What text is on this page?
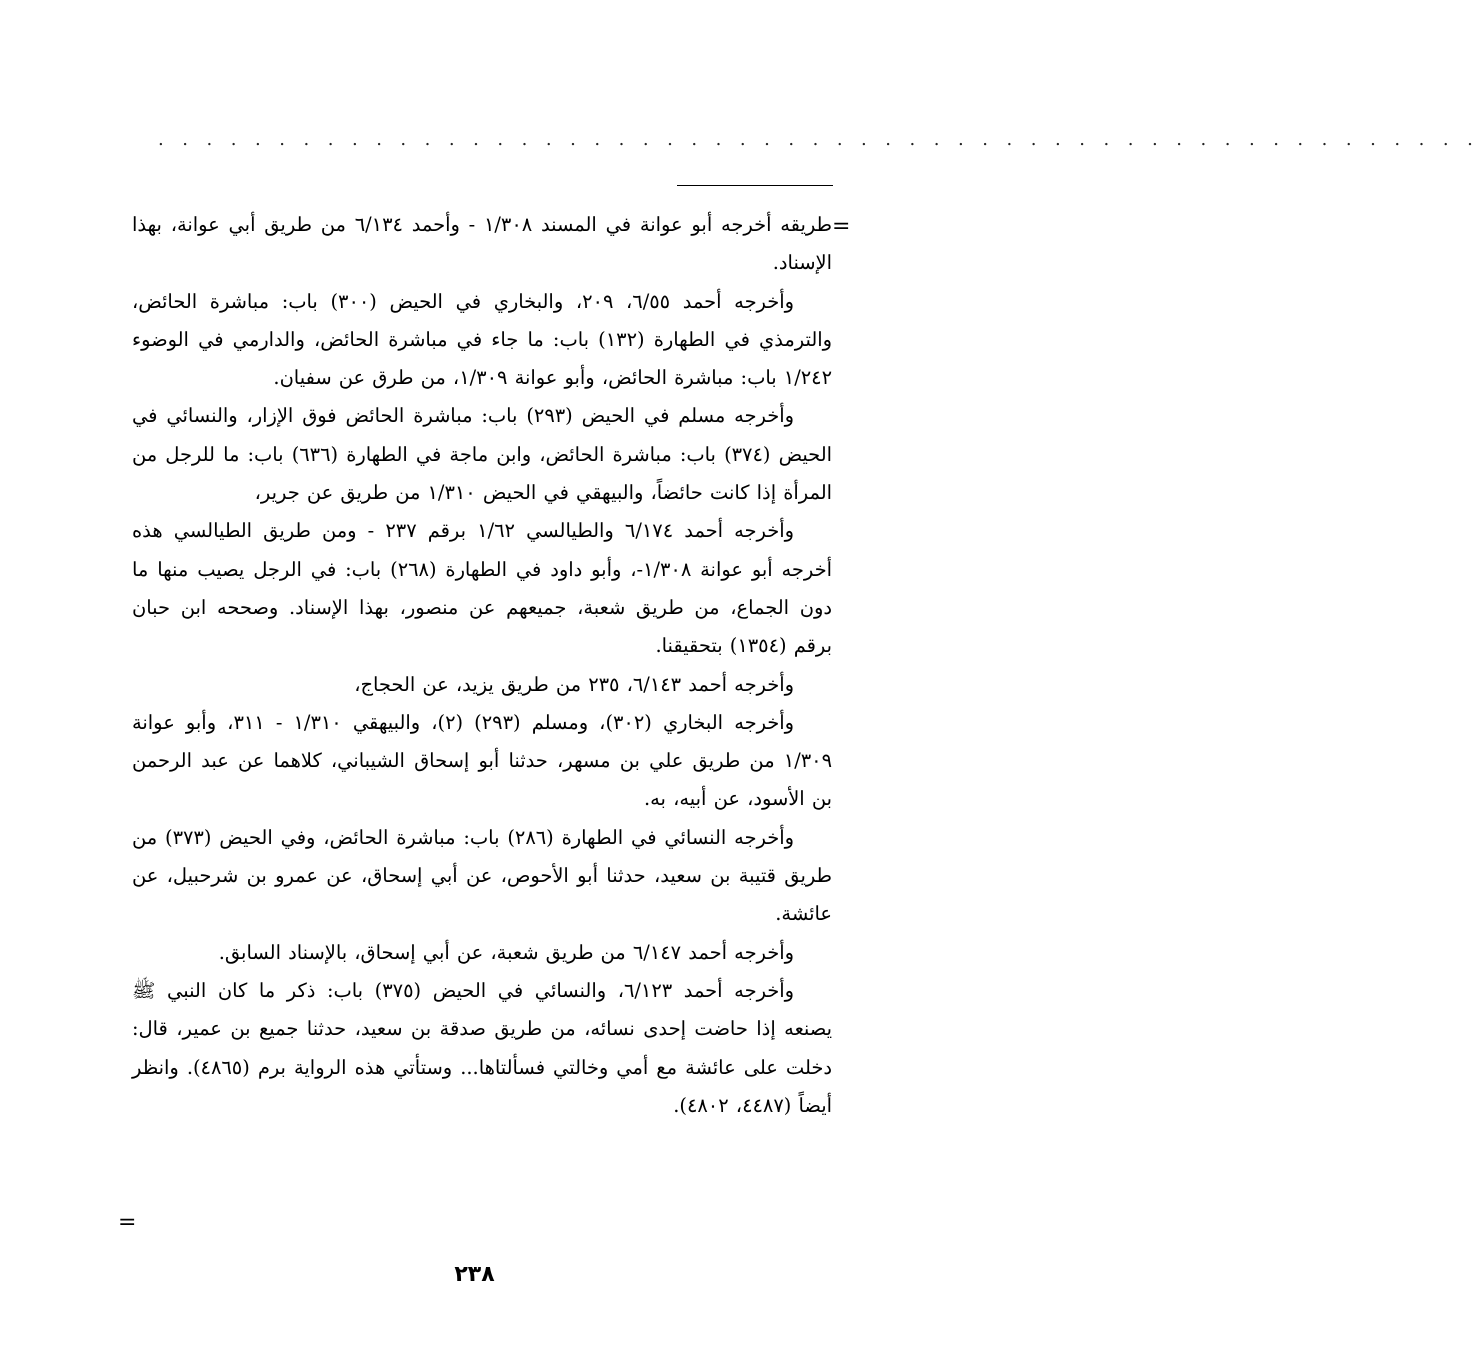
. . . . . . . . . . . . . . . . . . . . . . . . . . . . . . . . . . . . . . . . . . . . . . . . . . . . . . .
=

طريقه أخرجه أبو عوانة في المسند ١/٣٠٨ - وأحمد ٦/١٣٤ من طريق أبي عوانة، بهذا الإسناد.

وأخرجه أحمد ٦/٥٥، ٢٠٩، والبخاري في الحيض (٣٠٠) باب: مباشرة الحائض، والترمذي في الطهارة (١٣٢) باب: ما جاء في مباشرة الحائض، والدارمي في الوضوء ١/٢٤٢ باب: مباشرة الحائض، وأبو عوانة ١/٣٠٩، من طرق عن سفيان.

وأخرجه مسلم في الحيض (٢٩٣) باب: مباشرة الحائض فوق الإزار، والنسائي في الحيض (٣٧٤) باب: مباشرة الحائض، وابن ماجة في الطهارة (٦٣٦) باب: ما للرجل من المرأة إذا كانت حائضاً، والبيهقي في الحيض ١/٣١٠ من طريق عن جرير،

وأخرجه أحمد ٦/١٧٤ والطيالسي ١/٦٢ برقم ٢٣٧ - ومن طريق الطيالسي هذه أخرجه أبو عوانة ١/٣٠٨-، وأبو داود في الطهارة (٢٦٨) باب: في الرجل يصيب منها ما دون الجماع، من طريق شعبة، جميعهم عن منصور، بهذا الإسناد. وصححه ابن حبان برقم (١٣٥٤) بتحقيقنا.

وأخرجه أحمد ٦/١٤٣، ٢٣٥ من طريق يزيد، عن الحجاج،

وأخرجه البخاري (٣٠٢)، ومسلم (٢٩٣) (٢)، والبيهقي ١/٣١٠ - ٣١١، وأبو عوانة ١/٣٠٩ من طريق علي بن مسهر، حدثنا أبو إسحاق الشيباني، كلاهما عن عبد الرحمن بن الأسود، عن أبيه، به.

وأخرجه النسائي في الطهارة (٢٨٦) باب: مباشرة الحائض، وفي الحيض (٣٧٣) من طريق قتيبة بن سعيد، حدثنا أبو الأحوص، عن أبي إسحاق، عن عمرو بن شرحبيل، عن عائشة.

وأخرجه أحمد ٦/١٤٧ من طريق شعبة، عن أبي إسحاق، بالإسناد السابق.

وأخرجه أحمد ٦/١٢٣، والنسائي في الحيض (٣٧٥) باب: ذكر ما كان النبي ﷺ يصنعه إذا حاضت إحدى نسائه، من طريق صدقة بن سعيد، حدثنا جميع بن عمير، قال: دخلت على عائشة مع أمي وخالتي فسألتاها... وستأتي هذه الرواية برم (٤٨٦٥). وانظر أيضاً (٤٤٨٧، ٤٨٠٢).

=
٢٣٨
